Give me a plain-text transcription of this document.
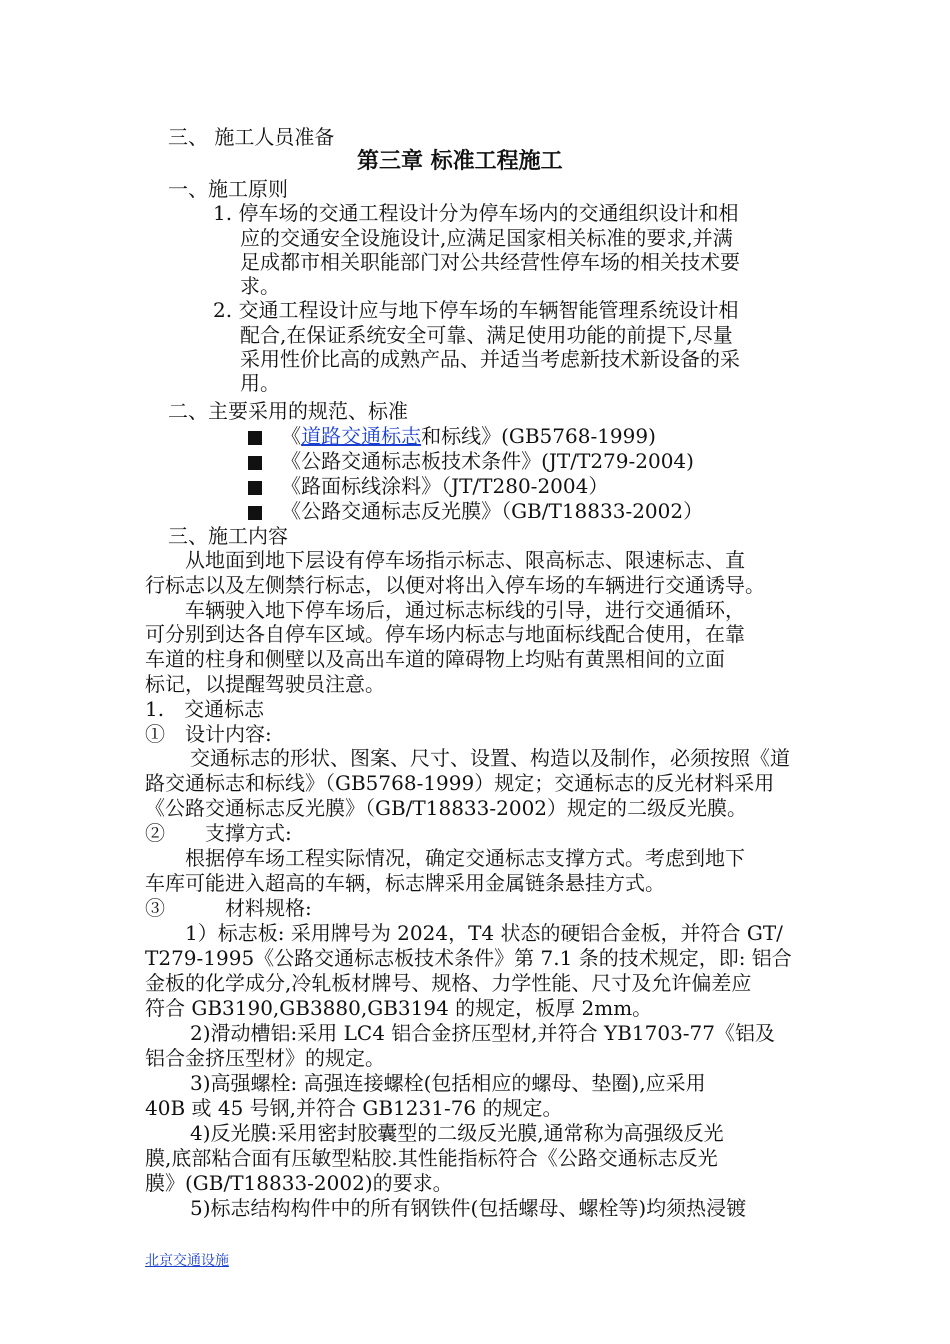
三、 施工人员准备
第三章 标准工程施工
一、施工原则
1. 停车场的交通工程设计分为停车场内的交通组织设计和相
应的交通安全设施设计,应满足国家相关标准的要求,并满
足成都市相关职能部门对公共经营性停车场的相关技术要
求。
2. 交通工程设计应与地下停车场的车辆智能管理系统设计相
配合,在保证系统安全可靠、满足使用功能的前提下,尽量
采用性价比高的成熟产品、并适当考虑新技术新设备的采
用。
二、主要采用的规范、标准
《道路交通标志和标线》(GB5768-1999)
《公路交通标志板技术条件》(JT/T279-2004)
《路面标线涂料》（JT/T280-2004）
《公路交通标志反光膜》（GB/T18833-2002）
三、施工内容
从地面到地下层设有停车场指示标志、限高标志、限速标志、直
行标志以及左侧禁行标志，以便对将出入停车场的车辆进行交通诱导。
车辆驶入地下停车场后，通过标志标线的引导，进行交通循环，
可分别到达各自停车区域。停车场内标志与地面标线配合使用，在靠
车道的柱身和侧壁以及高出车道的障碍物上均贴有黄黑相间的立面
标记，以提醒驾驶员注意。
1.　交通标志
①　设计内容:
交通标志的形状、图案、尺寸、设置、构造以及制作，必须按照《道
路交通标志和标线》（GB5768-1999）规定；交通标志的反光材料采用
《公路交通标志反光膜》（GB/T18833-2002）规定的二级反光膜。
②　　支撑方式:
根据停车场工程实际情况，确定交通标志支撑方式。考虑到地下
车库可能进入超高的车辆，标志牌采用金属链条悬挂方式。
③　　　材料规格:
1）标志板: 采用牌号为 2024，T4 状态的硬铝合金板，并符合 GT/
T279-1995《公路交通标志板技术条件》第 7.1 条的技术规定，即: 铝合
金板的化学成分,冷轧板材牌号、规格、力学性能、尺寸及允许偏差应
符合 GB3190,GB3880,GB3194 的规定，板厚 2mm。
2)滑动槽铝:采用 LC4 铝合金挤压型材,并符合 YB1703-77《铝及
铝合金挤压型材》的规定。
3)高强螺栓: 高强连接螺栓(包括相应的螺母、垫圈),应采用
40B 或 45 号钢,并符合 GB1231-76 的规定。
4)反光膜:采用密封胶囊型的二级反光膜,通常称为高强级反光
膜,底部粘合面有压敏型粘胶.其性能指标符合《公路交通标志反光
膜》(GB/T18833-2002)的要求。
5)标志结构构件中的所有钢铁件(包括螺母、螺栓等)均须热浸镀
北京交通设施
